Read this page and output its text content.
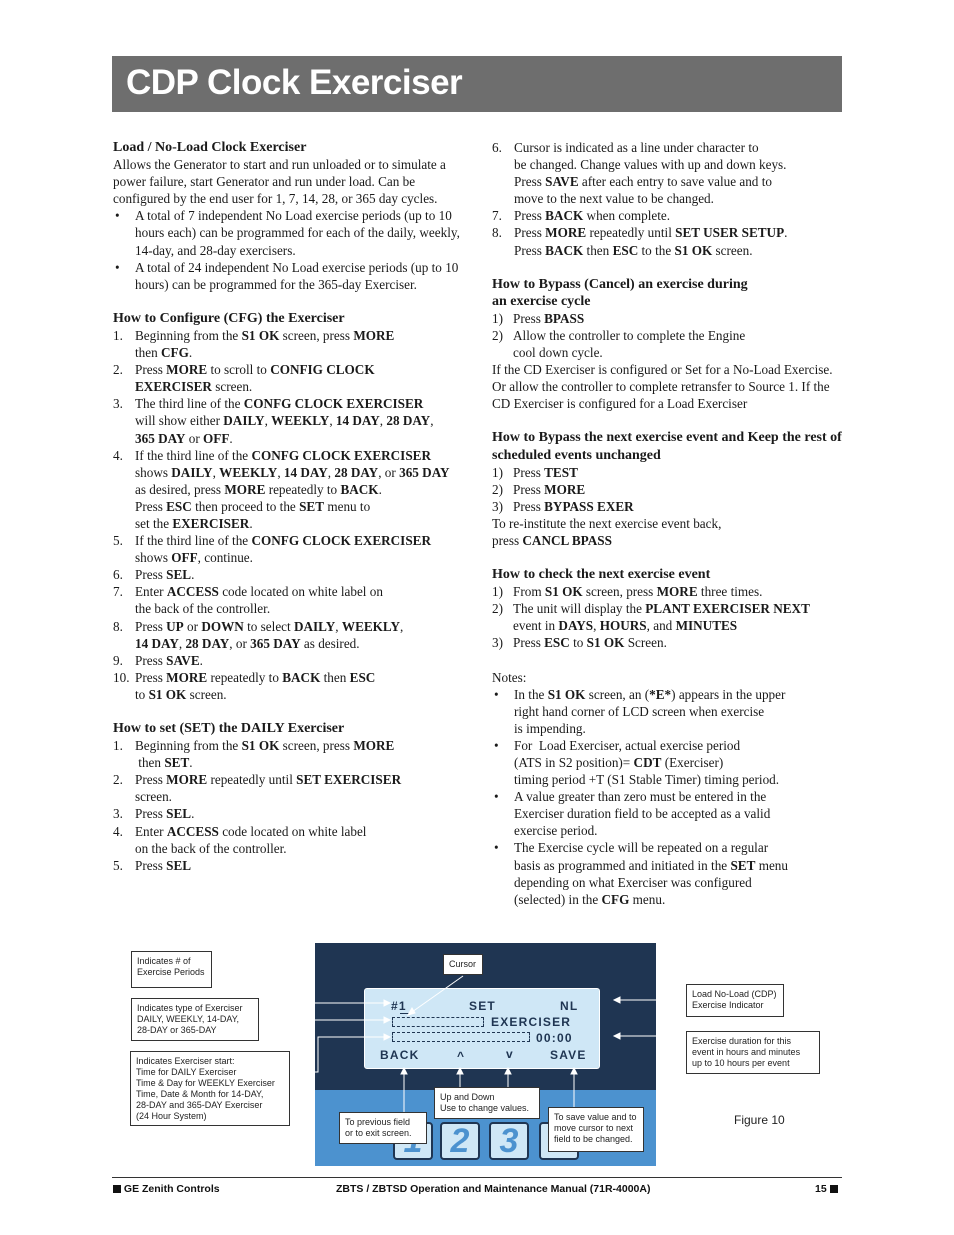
CDP Clock Exerciser
Load / No-Load Clock Exerciser
Allows the Generator to start and run unloaded or to simulate a power failure, start Generator and run under load. Can be configured by the end user for 1, 7, 14, 28, or 365 day cycles.
• A total of 7 independent No Load exercise periods (up to 10 hours each) can be programmed for each of the daily, weekly, 14-day, and 28-day exercisers.
• A total of 24 independent No Load exercise periods (up to 10 hours) can be programmed for the 365-day Exerciser.
How to Configure (CFG) the Exerciser
1. Beginning from the S1 OK screen, press MORE
then CFG.
2. Press MORE to scroll to CONFIG CLOCK
EXERCISER screen.
3. The third line of the CONFG CLOCK EXERCISER
will show either DAILY, WEEKLY, 14 DAY, 28 DAY,
365 DAY or OFF.
4. If the third line of the CONFG CLOCK EXERCISER
shows DAILY, WEEKLY, 14 DAY, 28 DAY, or 365 DAY
as desired, press MORE repeatedly to BACK.
Press ESC then proceed to the SET menu to
set the EXERCISER.
5. If the third line of the CONFG CLOCK EXERCISER
shows OFF, continue.
6. Press SEL.
7. Enter ACCESS code located on white label on
the back of the controller.
8. Press UP or DOWN to select DAILY, WEEKLY,
14 DAY, 28 DAY, or 365 DAY as desired.
9. Press SAVE.
10. Press MORE repeatedly to BACK then ESC
to S1 OK screen.
How to set (SET) the DAILY Exerciser
1. Beginning from the S1 OK screen, press MORE
then SET.
2. Press MORE repeatedly until SET EXERCISER
screen.
3. Press SEL.
4. Enter ACCESS code located on white label
on the back of the controller.
5. Press SEL
6. Cursor is indicated as a line under character to
be changed. Change values with up and down keys.
Press SAVE after each entry to save value and to
move to the next value to be changed.
7. Press BACK when complete.
8. Press MORE repeatedly until SET USER SETUP.
Press BACK then ESC to the S1 OK screen.
How to Bypass (Cancel) an exercise during
an exercise cycle
1) Press BPASS
2) Allow the controller to complete the Engine
cool down cycle.
If the CD Exerciser is configured or Set for a No-Load Exercise. Or allow the controller to complete retransfer to Source 1. If the CD Exerciser is configured for a Load Exerciser
How to Bypass the next exercise event and Keep the rest of scheduled events unchanged
1) Press TEST
2) Press MORE
3) Press BYPASS EXER
To re-institute the next exercise event back,
press CANCL BPASS
How to check the next exercise event
1) From S1 OK screen, press MORE three times.
2) The unit will display the PLANT EXERCISER NEXT
event in DAYS, HOURS, and MINUTES
3) Press ESC to S1 OK Screen.
Notes:
• In the S1 OK screen, an (*E*) appears in the upper
right hand corner of LCD screen when exercise
is impending.
• For  Load Exerciser, actual exercise period
(ATS in S2 position)= CDT (Exerciser)
timing period +T (S1 Stable Timer) timing period.
• A value greater than zero must be entered in the
Exerciser duration field to be accepted as a valid
exercise period.
• The Exercise cycle will be repeated on a regular
basis as programmed and initiated in the SET menu
depending on what Exerciser was configured
(selected) in the CFG menu.
#1	SET	NL
EXERCISER
00:00
BACK	^	v	SAVE
2 3
Indicates # of
Exercise Periods
Indicates type of Exerciser
DAILY, WEEKLY, 14-DAY,
28-DAY or 365-DAY
Indicates Exerciser start:
Time for DAILY Exerciser
Time & Day for WEEKLY Exerciser
Time, Date & Month for 14-DAY,
28-DAY and 365-DAY Exerciser
(24 Hour System)
Cursor
Load No-Load (CDP)
Exercise Indicator
Exercise duration for this
event in hours and minutes
up to 10 hours per event
Up and Down
Use to change values.
To previous field
or to exit screen.
To save value and to
move cursor to next
field to be changed.
Figure 10
GE Zenith Controls	ZBTS / ZBTSD Operation and Maintenance Manual (71R-4000A)	15
